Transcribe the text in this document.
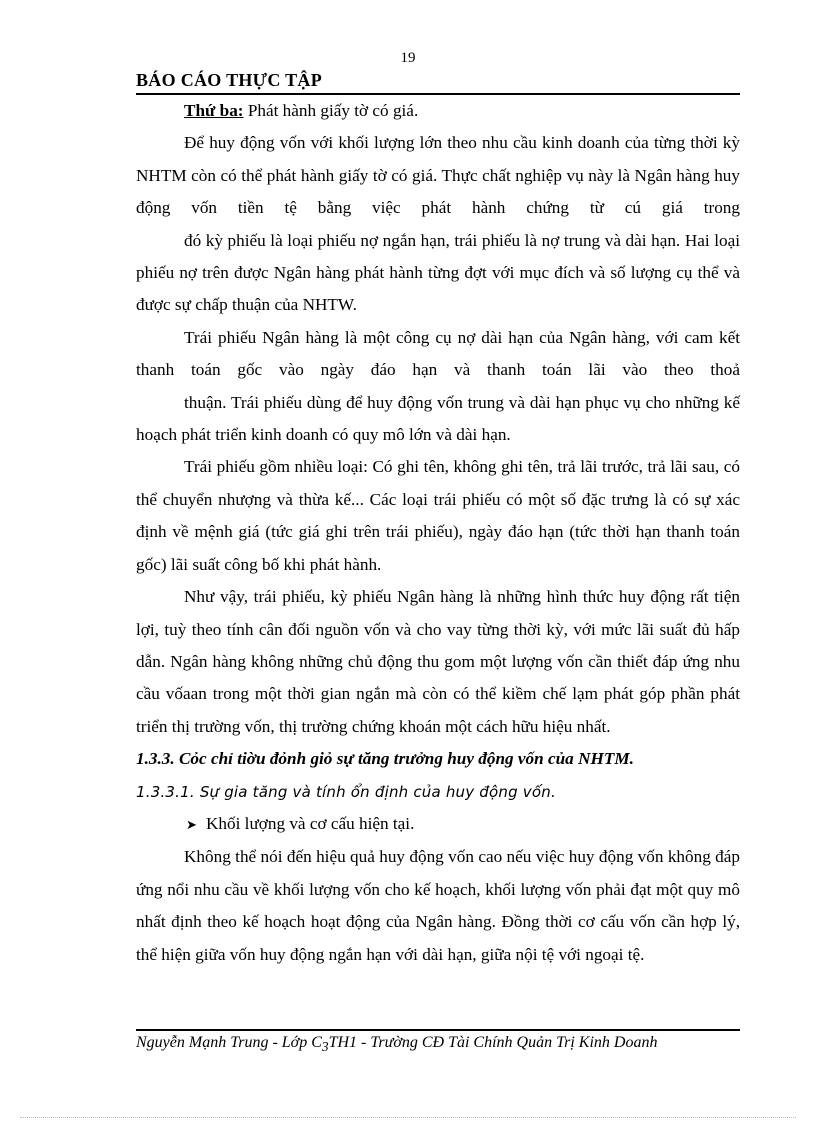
19
BÁO CÁO THỰC TẬP

Thứ ba: Phát hành giấy tờ có giá.

Để huy động vốn với khối lượng lớn theo nhu cầu kinh doanh của từng thời kỳ NHTM còn có thể phát hành giấy tờ có giá. Thực chất nghiệp vụ này là Ngân hàng huy động vốn tiền tệ bằng việc phát hành chứng từ cú giá trong

đó kỳ phiếu là loại phiếu nợ ngắn hạn, trái phiếu là nợ trung và dài hạn. Hai loại phiếu nợ trên được Ngân hàng phát hành từng đợt với mục đích và số lượng cụ thể và được sự chấp thuận của NHTW.

Trái phiếu Ngân hàng là một công cụ nợ dài hạn của Ngân hàng, với cam kết thanh toán gốc vào ngày đáo hạn và thanh toán lãi vào theo thoả

thuận. Trái phiếu dùng để huy động vốn trung và dài hạn phục vụ cho những kế hoạch phát triển kinh doanh có quy mô lớn và dài hạn.

Trái phiếu gồm nhiều loại: Có ghi tên, không ghi tên, trả lãi trước, trả lãi sau, có thể chuyển nhượng và thừa kế... Các loại trái phiếu có một số đặc trưng là có sự xác định về mệnh giá (tức giá ghi trên trái phiếu), ngày đáo hạn (tức thời hạn thanh toán gốc) lãi suất công bố khi phát hành.

Như vậy, trái phiếu, kỳ phiếu Ngân hàng là những hình thức huy động rất tiện lợi, tuỳ theo tính cân đối nguồn vốn và cho vay từng thời kỳ, với mức lãi suất đủ hấp dẫn. Ngân hàng không những chủ động thu gom một lượng vốn cần thiết đáp ứng nhu cầu vốaan trong một thời gian ngắn mà còn có thể kiềm chế lạm phát góp phần phát triển thị trường vốn, thị trường chứng khoán một cách hữu hiệu nhất.

1.3.3. Cỏc chỉ tiờu đỏnh giỏ sự tăng trưởng huy động vốn của NHTM.

1.3.3.1. Sự gia tăng và tính ổn định của huy động vốn.

➤ Khối lượng và cơ cấu hiện tại.

Không thể nói đến hiệu quả huy động vốn cao nếu việc huy động vốn không đáp ứng nổi nhu cầu về khối lượng vốn cho kế hoạch, khối lượng vốn phải đạt một quy mô nhất định theo kế hoạch hoạt động của Ngân hàng. Đồng thời cơ cấu vốn cần hợp lý, thể hiện giữa vốn huy động ngắn hạn với dài hạn, giữa nội tệ với ngoại tệ.

Nguyễn Mạnh Trung - Lớp $C_3TH1$ - Trường CĐ Tài Chính Quản Trị Kinh Doanh
